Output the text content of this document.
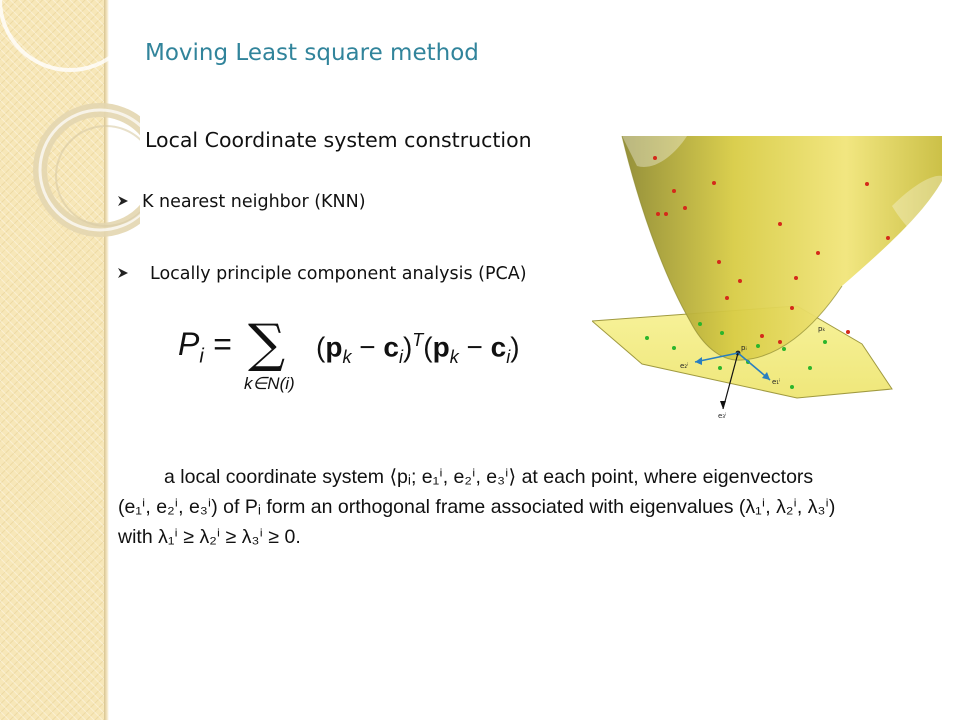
Moving Least square method
Local Coordinate system construction
K nearest neighbor (KNN)
Locally principle component analysis (PCA)
$P_i$ = ∑
k∈N(i)
$(p_k - c_i)^T(p_k - c_i)$	pᵢ
pₖ
e₁ⁱ
e₂ⁱ
e₃ⁱ
a local coordinate system ⟨pᵢ; e₁ⁱ, e₂ⁱ, e₃ⁱ⟩ at each point, where eigenvectors
(e₁ⁱ, e₂ⁱ, e₃ⁱ) of Pᵢ form an orthogonal frame associated with eigenvalues (λ₁ⁱ, λ₂ⁱ, λ₃ⁱ)
with λ₁ⁱ ≥ λ₂ⁱ ≥ λ₃ⁱ ≥ 0.
